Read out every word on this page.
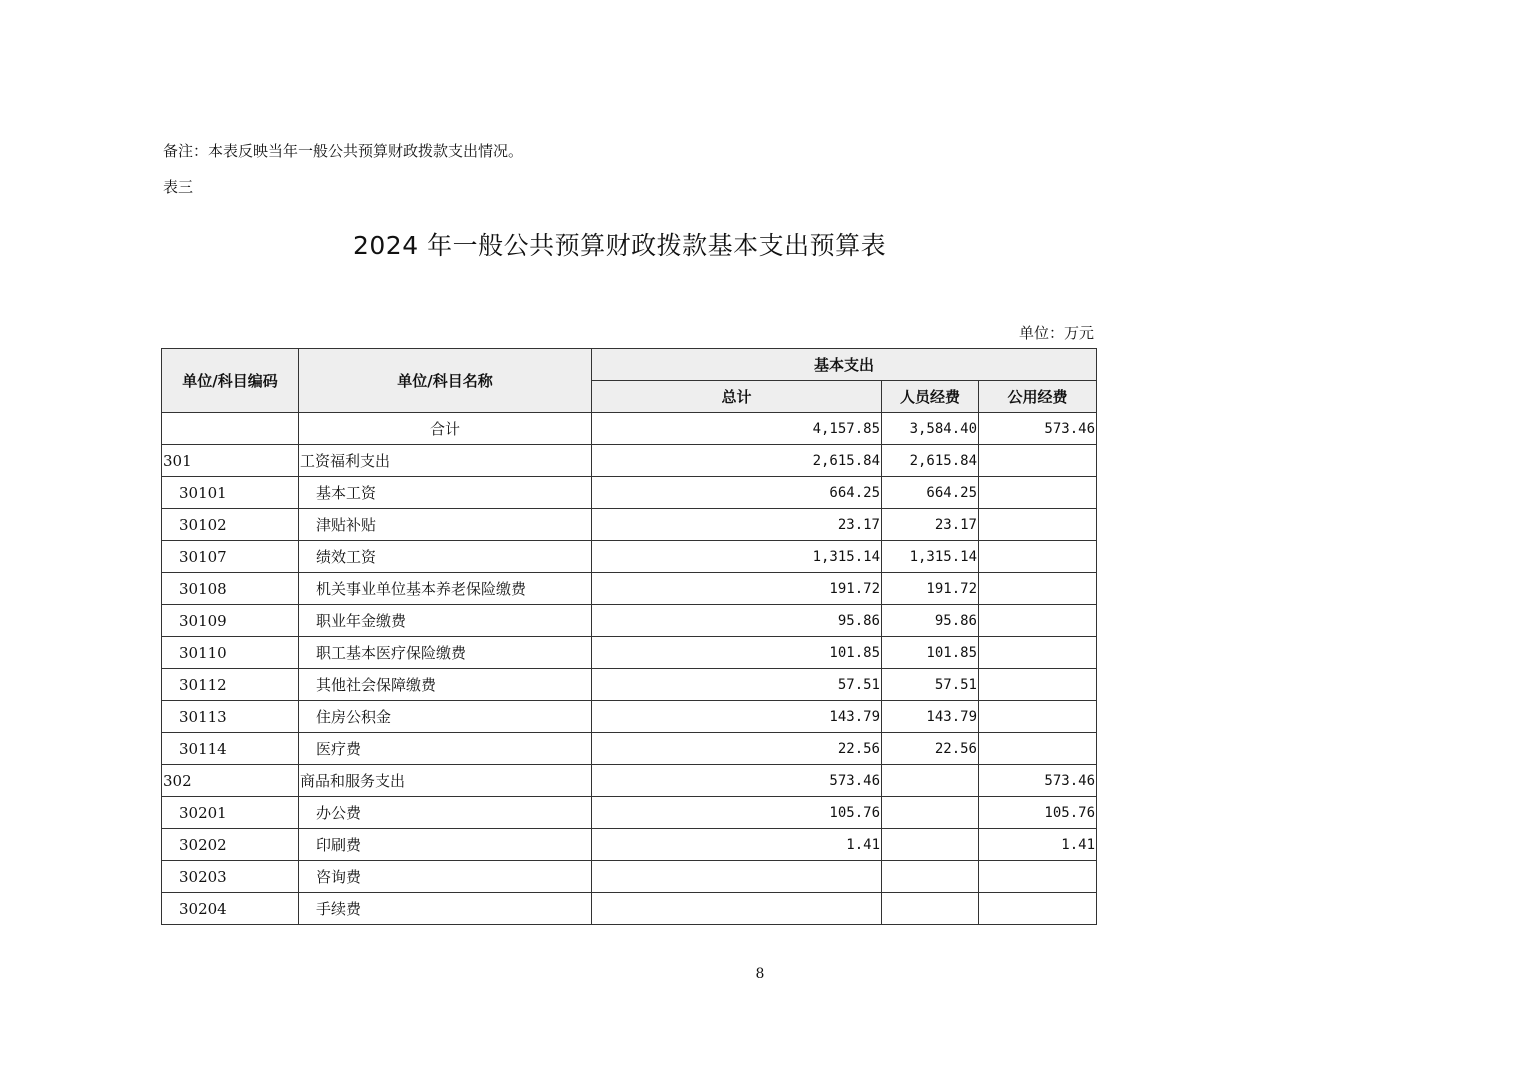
备注：本表反映当年一般公共预算财政拨款支出情况。
表三
2024 年一般公共预算财政拨款基本支出预算表
单位：万元
单位/科目编码	单位/科目名称	基本支出		
		总计	人员经费	公用经费
	合计	4,157.85	3,584.40	573.46
301	工资福利支出	2,615.84	2,615.84	
30101	基本工资	664.25	664.25	
30102	津贴补贴	23.17	23.17	
30107	绩效工资	1,315.14	1,315.14	
30108	机关事业单位基本养老保险缴费	191.72	191.72	
30109	职业年金缴费	95.86	95.86	
30110	职工基本医疗保险缴费	101.85	101.85	
30112	其他社会保障缴费	57.51	57.51	
30113	住房公积金	143.79	143.79	
30114	医疗费	22.56	22.56	
302	商品和服务支出	573.46		573.46
30201	办公费	105.76		105.76
30202	印刷费	1.41		1.41
30203	咨询费			
30204	手续费			
8
